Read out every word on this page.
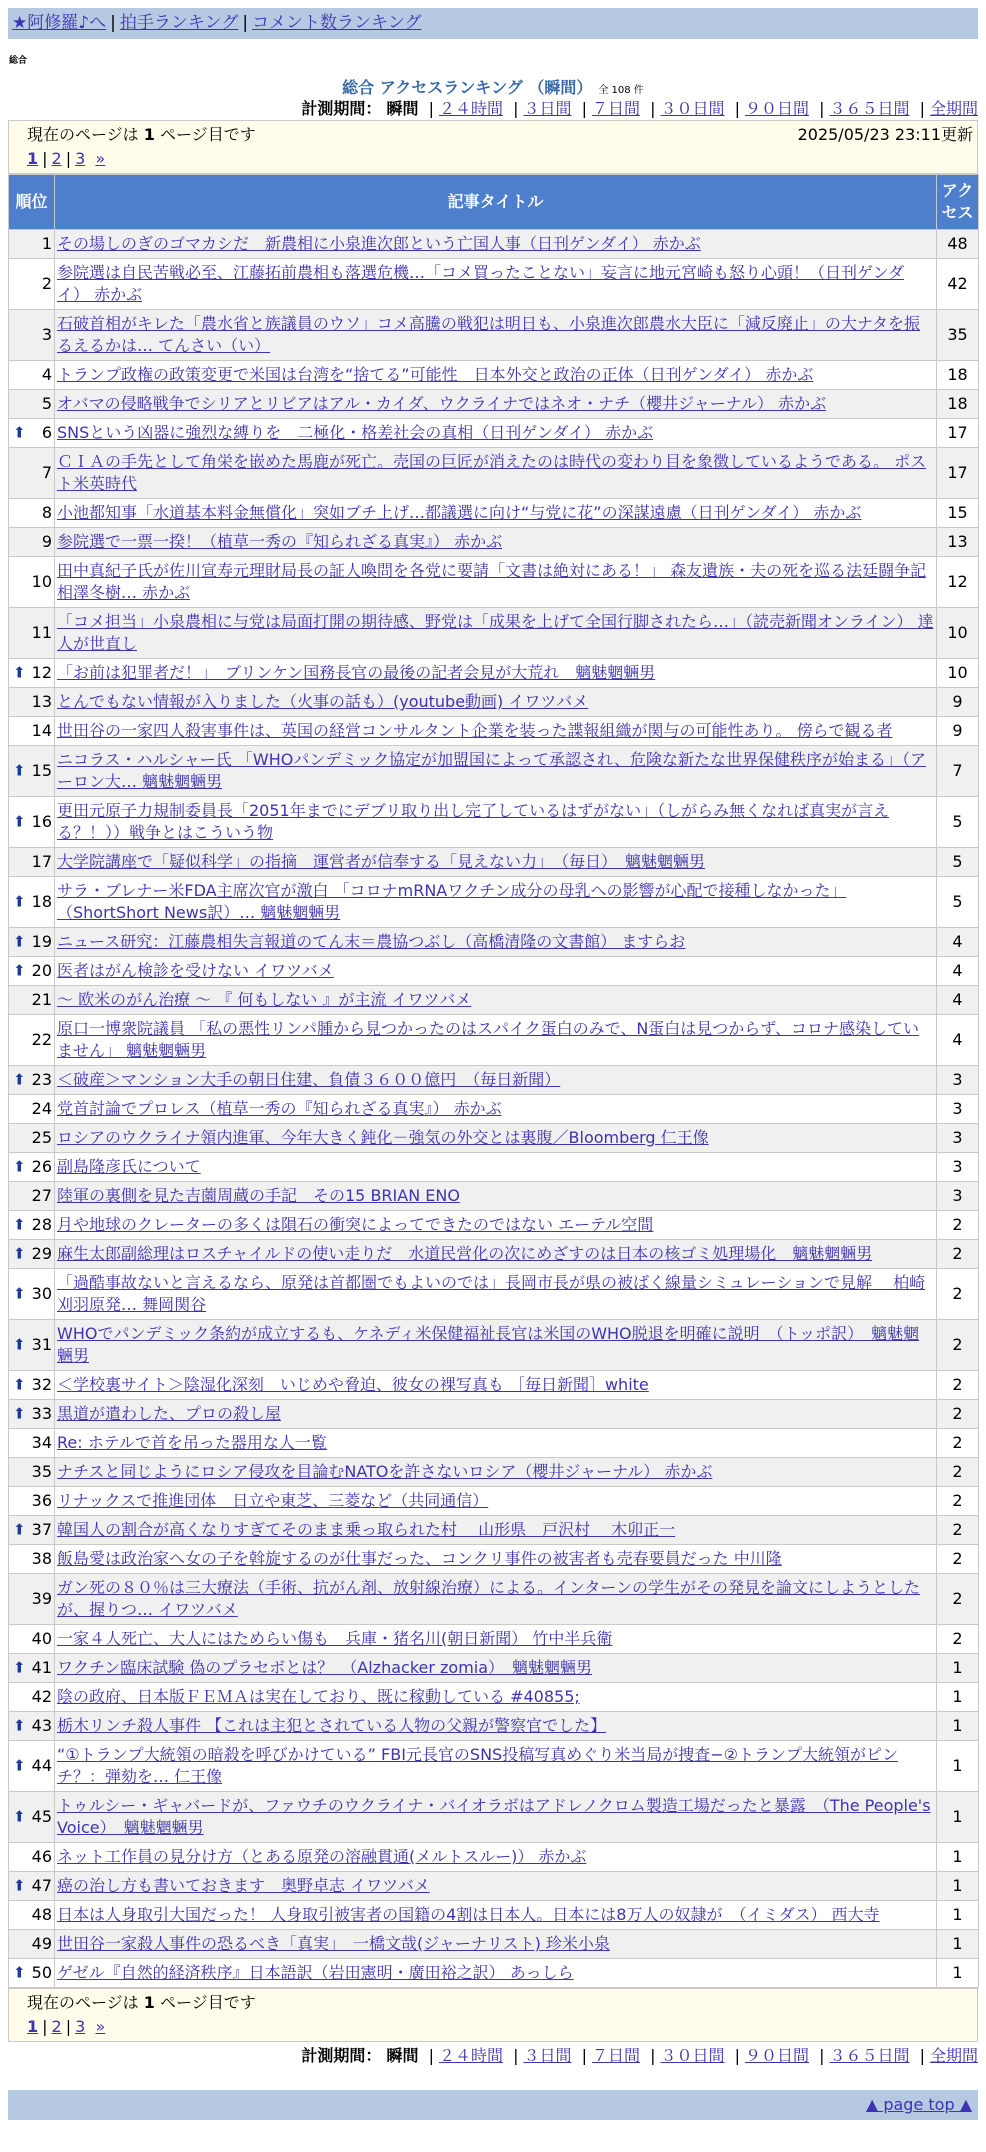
★阿修羅♪へ | 拍手ランキング | コメント数ランキング
総合
総合 アクセスランキング （瞬間） 全 108 件
計測期間： 瞬間 | ２４時間 | ３日間 | ７日間 | ３０日間 | ９０日間 | ３６５日間 | 全期間
現在のページは 1 ページ目です	2025/05/23 23:11更新
1 | 2 | 3 »
順位	記事タイトル	アクセス
1	その場しのぎのゴマカシだ　新農相に小泉進次郎という亡国人事（日刊ゲンダイ） 赤かぶ	48
2	参院選は自民苦戦必至、江藤拓前農相も落選危機…「コメ買ったことない」妄言に地元宮崎も怒り心頭！（日刊ゲンダイ） 赤かぶ	42
3	石破首相がキレた「農水省と族議員のウソ」コメ高騰の戦犯は明日も、小泉進次郎農水大臣に「減反廃止」の大ナタを振るえるかは… てんさい（い）	35
4	トランプ政権の政策変更で米国は台湾を“捨てる”可能性　日本外交と政治の正体（日刊ゲンダイ） 赤かぶ	18
5	オバマの侵略戦争でシリアとリビアはアル・カイダ、ウクライナではネオ・ナチ（櫻井ジャーナル） 赤かぶ	18

⬆ 6	SNSという凶器に強烈な縛りを　二極化・格差社会の真相（日刊ゲンダイ） 赤かぶ	17
7	ＣＩＡの手先として角栄を嵌めた馬鹿が死亡。売国の巨匠が消えたのは時代の変わり目を象徴しているようである。 ポスト米英時代	17
8	小池都知事「水道基本料金無償化」突如ブチ上げ…都議選に向け“与党に花”の深謀遠慮（日刊ゲンダイ） 赤かぶ	15
9	参院選で一票一揆！（植草一秀の『知られざる真実』） 赤かぶ	13
10	田中真紀子氏が佐川宣寿元理財局長の証人喚問を各党に要請「文書は絶対にある！」 森友遺族・夫の死を巡る法廷闘争記相澤冬樹… 赤かぶ	12
11	「コメ担当」小泉農相に与党は局面打開の期待感、野党は「成果を上げて全国行脚されたら…」（読売新聞オンライン） 達人が世直し	10

⬆ 12	「お前は犯罪者だ！」　ブリンケン国務長官の最後の記者会見が大荒れ　魑魅魍魎男	10
13	とんでもない情報が入りました（火事の話も）(youtube動画) イワツバメ	9
14	世田谷の一家四人殺害事件は、英国の経営コンサルタント企業を装った諜報組織が関与の可能性あり。 傍らで観る者	9

⬆ 15	ニコラス・ハルシャー氏 「WHOパンデミック協定が加盟国によって承認され、危険な新たな世界保健秩序が始まる」（アーロン大… 魑魅魍魎男	7

⬆ 16	更田元原子力規制委員長「2051年までにデブリ取り出し完了しているはずがない」（しがらみ無くなれば真実が言える？！））戦争とはこういう物	5
17	大学院講座で「疑似科学」の指摘　運営者が信奉する「見えない力」　（毎日）　魑魅魍魎男	5

⬆ 18	サラ・ブレナー米FDA主席次官が激白 「コロナmRNAワクチン成分の母乳への影響が心配で接種しなかった」（ShortShort News訳）… 魑魅魍魎男	5

⬆ 19	ニュース研究：江藤農相失言報道のてん末＝農協つぶし（高橋清隆の文書館） ますらお	4

⬆ 20	医者はがん検診を受けない イワツバメ	4
21	～ 欧米のがん治療 ～ 『 何もしない 』が主流 イワツバメ	4
22	原口一博衆院議員 「私の悪性リンパ腫から見つかったのはスパイク蛋白のみで、N蛋白は見つからず、コロナ感染していません」 魑魅魍魎男	4

⬆ 23	＜破産＞マンション大手の朝日住建、負債３６００億円　（毎日新聞）	3
24	党首討論でプロレス（植草一秀の『知られざる真実』） 赤かぶ	3
25	ロシアのウクライナ領内進軍、今年大きく鈍化－強気の外交とは裏腹／Bloomberg 仁王像	3

⬆ 26	副島隆彦氏について	3
27	陸軍の裏側を見た吉薗周蔵の手記　その15 BRIAN ENO	3

⬆ 28	月や地球のクレーターの多くは隕石の衝突によってできたのではない エーテル空間	2

⬆ 29	麻生太郎副総理はロスチャイルドの使い走りだ　水道民営化の次にめざすのは日本の核ゴミ処理場化　魑魅魍魎男	2

⬆ 30	「過酷事故ないと言えるなら、原発は首都圏でもよいのでは」長岡市長が県の被ばく線量シミュレーションで見解　 柏崎刈羽原発… 舞岡関谷	2

⬆ 31	WHOでパンデミック条約が成立するも、ケネディ米保健福祉長官は米国のWHO脱退を明確に説明　（トッポ訳）　魑魅魍魎男	2

⬆ 32	＜学校裏サイト＞陰湿化深刻　いじめや脅迫、彼女の裸写真も ［毎日新聞］white	2

⬆ 33	黒道が遣わした、プロの殺し屋	2
34	Re: ホテルで首を吊った器用な人一覧	2
35	ナチスと同じようにロシア侵攻を目論むNATOを許さないロシア（櫻井ジャーナル） 赤かぶ	2
36	リナックスで推進団体　日立や東芝、三菱など（共同通信）	2

⬆ 37	韓国人の割合が高くなりすぎてそのまま乗っ取られた村　 山形県　戸沢村　 木卯正一	2
38	飯島愛は政治家へ女の子を斡旋するのが仕事だった、コンクリ事件の被害者も売春要員だった 中川隆	2
39	ガン死の８０％は三大療法（手術、抗がん剤、放射線治療）による。インターンの学生がその発見を論文にしようとしたが、握りつ… イワツバメ	2
40	一家４人死亡、大人にはためらい傷も　兵庫・猪名川(朝日新聞） 竹中半兵衛	2

⬆ 41	ワクチン臨床試験 偽のプラセボとは？　（Alzhacker zomia）　魑魅魍魎男	1
42	陰の政府、日本版ＦＥＭＡは実在しており、既に稼動している #40855;	1

⬆ 43	栃木リンチ殺人事件 【これは主犯とされている人物の父親が警察官でした】	1

⬆ 44	“①トランプ大統領の暗殺を呼びかけている” FBI元長官のSNS投稿写真めぐり米当局が捜査−②トランプ大統領がピンチ？：弾劾を… 仁王像	1

⬆ 45	トゥルシー・ギャバードが、ファウチのウクライナ・バイオラボはアドレノクロム製造工場だったと暴露　（The People's Voice）　魑魅魍魎男	1
46	ネット工作員の見分け方（とある原発の溶融貫通(メルトスルー)） 赤かぶ	1

⬆ 47	癌の治し方も書いておきます　奥野卓志 イワツバメ	1
48	日本は人身取引大国だった！ 人身取引被害者の国籍の4割は日本人。日本には8万人の奴隷が　（イミダス） 西大寺	1
49	世田谷一家殺人事件の恐るべき「真実」　一橋文哉(ジャーナリスト) 珍米小泉	1

⬆ 50	ゲゼル『自然的経済秩序』日本語訳（岩田憲明・廣田裕之訳） あっしら	1
現在のページは 1 ページ目です
1 | 2 | 3 »
計測期間： 瞬間 | ２４時間 | ３日間 | ７日間 | ３０日間 | ９０日間 | ３６５日間 | 全期間
▲ page top ▲
